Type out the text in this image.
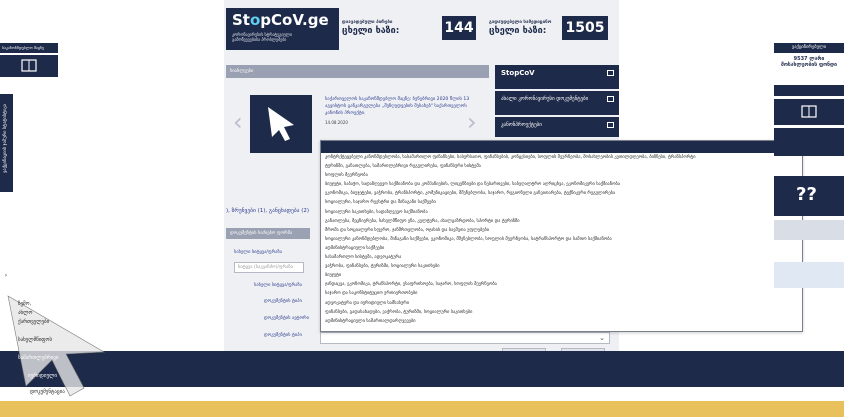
საკანონმდებლო მაცნე
ვაქცინაციის ჯამური სტატისტიკა
›
StopCoV.ge
კორონავირუსის სტრატეგიული
გამოწვევებისა პრობლემები
დაავადებული პირები
ცხელი ხაზი:	144	გადაუდებელი სამედიცინო
ცხელი ხაზი: 1505
სიახლეები
‹
საქართველოს საკანონმდებლო მაცნე: ბუნებრივი 2020 წლის 13 აგვისტოს განკარგულება „შეზღუდვების შესახებ" საქართველოს კანონის პროექტი.
14.08.2020	›
StopCoV
ახალი კორონავირუსი დოკუმენტები
კანონპროექტები
), ზრუნვები (1), განცხადება (2)
დოკუმენტის საძიებო ფორმა
სახელი სიტყვა/ფრაზა
სიტყვა (საკვანძო)/ფრაზა
სახელი სიტყვა/ფრაზა
დოკუმენტის ტიპი
დოკუმენტის ავტორი
დოკუმენტის ტიპი	⌄
კონტრქტეყებელი კანონმდებლობა, სასამართლო ფინანსები, სასურსათო, ფინანსების, კონცესიები, სოფლის მეურნეობა, მოსახლეობის კეთილდღეობა, ბიზნესი, ტრანსპორტი
ტურიზმი, განათლება, სამართლებრივი რეგულირება, ფინანსური სისტემა
სოფლის მეურნეობა
ბიუჯეტი, საბაჟო, სადაზღვევო საქმიანობა და კომპანიების, ლიცენზიები და ნებართვები, საბუღალტრო აღრიცხვა, ეკონომიკური საქმიანობა
ეკონომიკა, ბიუჯეტები, ვაჭრობა, ტრანსპორტი, კომუნიკაციები, მშენებლობა, საჯარო, რეგიონული განვითარება, ტექნიკური რეგულირება
სოციალური, საჯარო რეესტრი და შინაგანი საქმეები
სოციალური საკითხები, სადაზღვევო საქმიანობა
განათლება, მეცნიერება, სახელმწიფო ენა, კულტურა, ახალგაზრდობა, სპორტი და ტურიზმი
შრომა და სოციალური სფერო, ჯანმრთელობა, ოჯახის და ბავშვთა უფლებები
სოციალური კანონმდებლობა, შინაგანი საქმეები, ეკონომიკა, მშენებლობა, სოფლის მეურნეობა, სატრანსპორტო და სამთო საქმიანობა
ადმინისტრაციული საქმეები
სასამართლო სისტემა, ადვოკატურა
ვაჭრობა, ფინანსები, ტურიზმი, სოციალური საკითხები
ბიუჯეტი
ჯანდაცვა, ეკონომიკა, ტრანსპორტი, უსაფრთხოება, საჯარო, სოფლის მეურნეობა
საჯარო და საკონსტიტუციო ურთიერთობები
ადვოკატურა და იურიდიული სამსახური
ფინანსები, გადასახადები, ვაჭრობა, ტურიზმი, სოციალური საკითხები
ადმინისტრაციული სამართალდარღვევები
ვაქცინირებული
9537 ლარი
მოსახლეობის ფონდი
??
ზემო,
ახლო
ქართველები
სახელმწიფოს
სამართლებრივი
იურიდიული
დოკუმენტაცია
